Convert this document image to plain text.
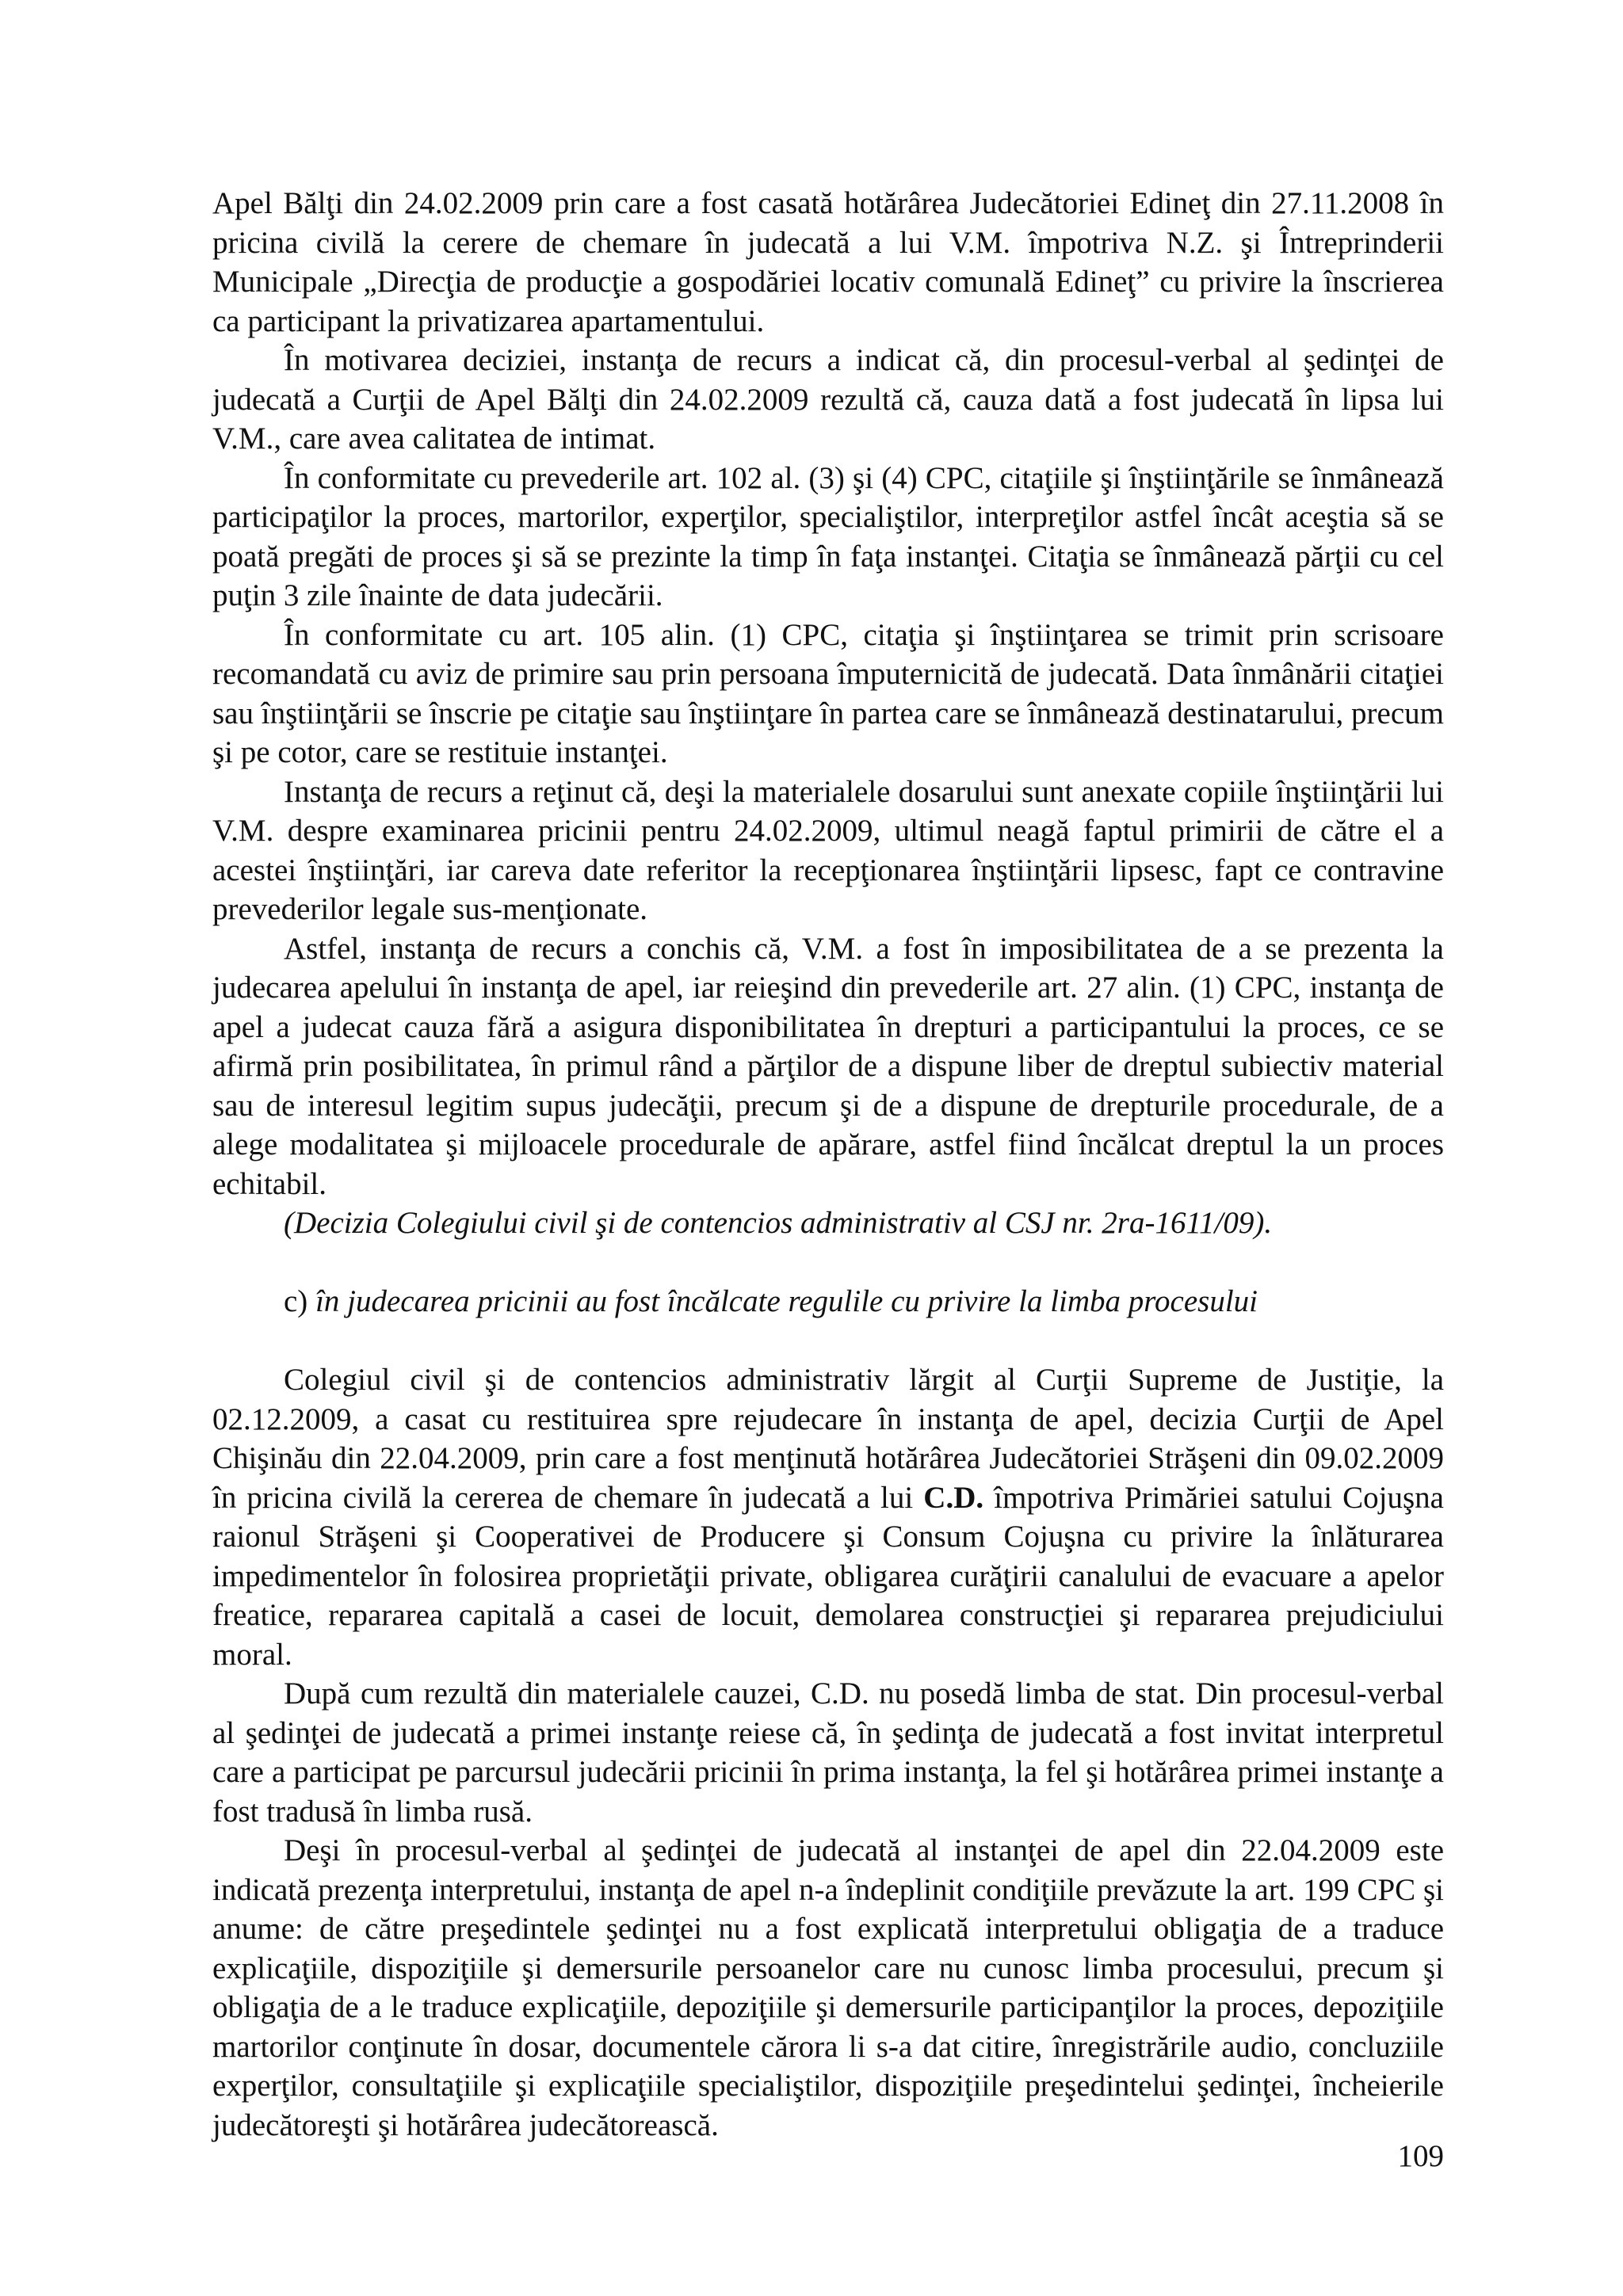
Apel Bălţi din 24.02.2009 prin care a fost casată hotărârea Judecătoriei Edineţ din 27.11.2008 în pricina civilă la cerere de chemare în judecată a lui V.M. împotriva N.Z. şi Întreprinderii Municipale „Direcţia de producţie a gospodăriei locativ comunală Edineţ” cu privire la înscrierea ca participant la privatizarea apartamentului.

În motivarea deciziei, instanţa de recurs a indicat că, din procesul-verbal al şedinţei de judecată a Curţii de Apel Bălţi din 24.02.2009 rezultă că, cauza dată a fost judecată în lipsa lui V.M., care avea calitatea de intimat.

În conformitate cu prevederile art. 102 al. (3) şi (4) CPC, citaţiile şi înştiinţările se înmânează participaţilor la proces, martorilor, experţilor, specialiştilor, interpreţilor astfel încât aceştia să se poată pregăti de proces şi să se prezinte la timp în faţa instanţei. Citaţia se înmânează părţii cu cel puţin 3 zile înainte de data judecării.

În conformitate cu art. 105 alin. (1) CPC, citaţia şi înştiinţarea se trimit prin scrisoare recomandată cu aviz de primire sau prin persoana împuternicită de judecată. Data înmânării citaţiei sau înştiinţării se înscrie pe citaţie sau înştiinţare în partea care se înmânează destinatarului, precum şi pe cotor, care se restituie instanţei.

Instanţa de recurs a reţinut că, deşi la materialele dosarului sunt anexate copiile înştiinţării lui V.M. despre examinarea pricinii pentru 24.02.2009, ultimul neagă faptul primirii de către el a acestei înştiinţări, iar careva date referitor la recepţionarea înştiinţării lipsesc, fapt ce contravine prevederilor legale sus-menţionate.

Astfel, instanţa de recurs a conchis că, V.M. a fost în imposibilitatea de a se prezenta la judecarea apelului în instanţa de apel, iar reieşind din prevederile art. 27 alin. (1) CPC, instanţa de apel a judecat cauza fără a asigura disponibilitatea în drepturi a participantului la proces, ce se afirmă prin posibilitatea, în primul rând a părţilor de a dispune liber de dreptul subiectiv material sau de interesul legitim supus judecăţii, precum şi de a dispune de drepturile procedurale, de a alege modalitatea şi mijloacele procedurale de apărare, astfel fiind încălcat dreptul la un proces echitabil.

(Decizia Colegiului civil şi de contencios administrativ al CSJ nr. 2ra-1611/09).

c) în judecarea pricinii au fost încălcate regulile cu privire la limba procesului

Colegiul civil şi de contencios administrativ lărgit al Curţii Supreme de Justiţie, la 02.12.2009, a casat cu restituirea spre rejudecare în instanţa de apel, decizia Curţii de Apel Chişinău din 22.04.2009, prin care a fost menţinută hotărârea Judecătoriei Străşeni din 09.02.2009 în pricina civilă la cererea de chemare în judecată a lui C.D. împotriva Primăriei satului Cojuşna raionul Străşeni şi Cooperativei de Producere şi Consum Cojuşna cu privire la înlăturarea impedimentelor în folosirea proprietăţii private, obligarea curăţirii canalului de evacuare a apelor freatice, repararea capitală a casei de locuit, demolarea construcţiei şi repararea prejudiciului moral.

După cum rezultă din materialele cauzei, C.D. nu posedă limba de stat. Din procesul-verbal al şedinţei de judecată a primei instanţe reiese că, în şedinţa de judecată a fost invitat interpretul care a participat pe parcursul judecării pricinii în prima instanţa, la fel şi hotărârea primei instanţe a fost tradusă în limba rusă.

Deşi în procesul-verbal al şedinţei de judecată al instanţei de apel din 22.04.2009 este indicată prezenţa interpretului, instanţa de apel n-a îndeplinit condiţiile prevăzute la art. 199 CPC şi anume: de către preşedintele şedinţei nu a fost explicată interpretului obligaţia de a traduce explicaţiile, dispoziţiile şi demersurile persoanelor care nu cunosc limba procesului, precum şi obligaţia de a le traduce explicaţiile, depoziţiile şi demersurile participanţilor la proces, depoziţiile martorilor conţinute în dosar, documentele cărora li s-a dat citire, înregistrările audio, concluziile experţilor, consultaţiile şi explicaţiile specialiştilor, dispoziţiile preşedintelui şedinţei, încheierile judecătoreşti şi hotărârea judecătorească.

109
